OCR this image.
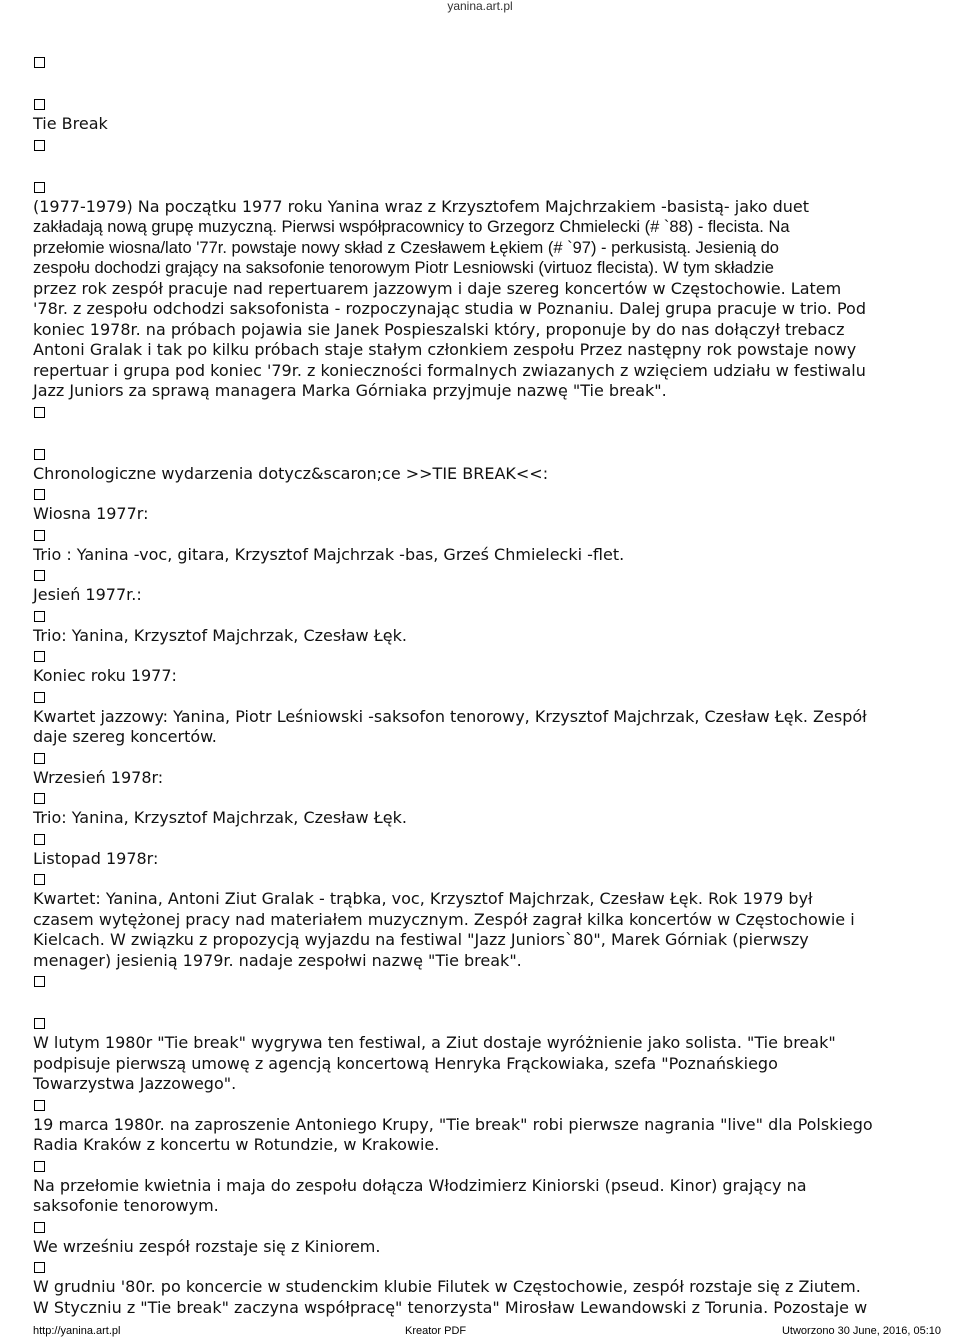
yanina.art.pl
Tie Break
(1977-1979) Na początku 1977 roku Yanina wraz z Krzysztofem Majchrzakiem -basistą- jako duet
zakładają nową grupę muzyczną. Pierwsi współpracownicy to Grzegorz Chmielecki (# `88) - flecista. Na
przełomie wiosna/lato '77r. powstaje nowy skład z Czesławem Łękiem (# `97) - perkusistą. Jesienią do
zespołu dochodzi grający na saksofonie tenorowym Piotr Lesniowski (virtuoz flecista). W tym składzie
przez rok zespół pracuje nad repertuarem jazzowym i daje szereg koncertów w Częstochowie. Latem
'78r. z zespołu odchodzi saksofonista - rozpoczynając studia w Poznaniu. Dalej grupa pracuje w trio. Pod
koniec 1978r. na próbach pojawia sie Janek Pospieszalski który, proponuje by do nas dołączył trebacz
Antoni Gralak i tak po kilku próbach staje stałym członkiem zespołu Przez następny rok powstaje nowy
repertuar i grupa pod koniec '79r. z konieczności formalnych zwiazanych z wzięciem udziału w festiwalu
Jazz Juniors za sprawą managera Marka Górniaka przyjmuje nazwę "Tie break".
Chronologiczne wydarzenia dotycz&scaron;ce >>TIE BREAK<<:
Wiosna 1977r:
Trio : Yanina -voc, gitara, Krzysztof Majchrzak -bas, Grześ Chmielecki -flet.
Jesień 1977r.:
Trio: Yanina, Krzysztof Majchrzak, Czesław Łęk.
Koniec roku 1977:
Kwartet jazzowy: Yanina, Piotr Leśniowski -saksofon tenorowy, Krzysztof Majchrzak, Czesław Łęk. Zespół
daje szereg koncertów.
Wrzesień 1978r:
Trio: Yanina, Krzysztof Majchrzak, Czesław Łęk.
Listopad 1978r:
Kwartet: Yanina, Antoni Ziut Gralak - trąbka, voc, Krzysztof Majchrzak, Czesław Łęk. Rok 1979 był
czasem wytężonej pracy nad materiałem muzycznym. Zespół zagrał kilka koncertów w Częstochowie i
Kielcach. W związku z propozycją wyjazdu na festiwal "Jazz Juniors`80", Marek Górniak (pierwszy
menager) jesienią 1979r. nadaje zespołwi nazwę "Tie break".
W lutym 1980r "Tie break" wygrywa ten festiwal, a Ziut dostaje wyróżnienie jako solista. "Tie break"
podpisuje pierwszą umowę z agencją koncertową Henryka Frąckowiaka, szefa "Poznańskiego
Towarzystwa Jazzowego".
19 marca 1980r. na zaproszenie Antoniego Krupy, "Tie break" robi pierwsze nagrania "live" dla Polskiego
Radia Kraków z koncertu w Rotundzie, w Krakowie.
Na przełomie kwietnia i maja do zespołu dołącza Włodzimierz Kiniorski (pseud. Kinor) grający na
saksofonie tenorowym.
We wrześniu zespół rozstaje się z Kiniorem.
W grudniu '80r. po koncercie w studenckim klubie Filutek w Częstochowie, zespół rozstaje się z Ziutem.
W Styczniu z "Tie break" zaczyna współpracę" tenorzysta" Mirosław Lewandowski z Torunia. Pozostaje w
http://yanina.art.pl	Kreator PDF	Utworzono 30 June, 2016, 05:10
